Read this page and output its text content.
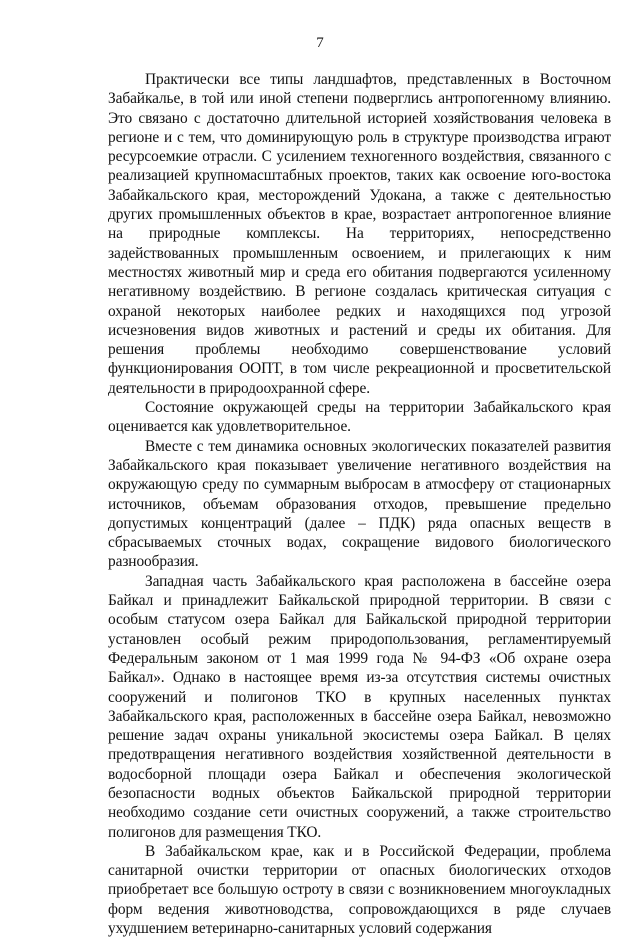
7

Практически все типы ландшафтов, представленных в Восточном Забайкалье, в той или иной степени подверглись антропогенному влиянию. Это связано с достаточно длительной историей хозяйствования человека в регионе и с тем, что доминирующую роль в структуре производства играют ресурсоемкие отрасли. С усилением техногенного воздействия, связанного с реализацией крупномасштабных проектов, таких как освоение юго-востока Забайкальского края, месторождений Удокана, а также с деятельностью других промышленных объектов в крае, возрастает антропогенное влияние на природные комплексы. На территориях, непосредственно задействованных промышленным освоением, и прилегающих к ним местностях животный мир и среда его обитания подвергаются усиленному негативному воздействию. В регионе создалась критическая ситуация с охраной некоторых наиболее редких и находящихся под угрозой исчезновения видов животных и растений и среды их обитания. Для решения проблемы необходимо совершенствование условий функционирования ООПТ, в том числе рекреационной и просветительской деятельности в природоохранной сфере.

Состояние окружающей среды на территории Забайкальского края оценивается как удовлетворительное.

Вместе с тем динамика основных экологических показателей развития Забайкальского края показывает увеличение негативного воздействия на окружающую среду по суммарным выбросам в атмосферу от стационарных источников, объемам образования отходов, превышение предельно допустимых концентраций (далее – ПДК) ряда опасных веществ в сбрасываемых сточных водах, сокращение видового биологического разнообразия.

Западная часть Забайкальского края расположена в бассейне озера Байкал и принадлежит Байкальской природной территории. В связи с особым статусом озера Байкал для Байкальской природной территории установлен особый режим природопользования, регламентируемый Федеральным законом от 1 мая 1999 года № 94-ФЗ «Об охране озера Байкал». Однако в настоящее время из-за отсутствия системы очистных сооружений и полигонов ТКО в крупных населенных пунктах Забайкальского края, расположенных в бассейне озера Байкал, невозможно решение задач охраны уникальной экосистемы озера Байкал. В целях предотвращения негативного воздействия хозяйственной деятельности в водосборной площади озера Байкал и обеспечения экологической безопасности водных объектов Байкальской природной территории необходимо создание сети очистных сооружений, а также строительство полигонов для размещения ТКО.

В Забайкальском крае, как и в Российской Федерации, проблема санитарной очистки территории от опасных биологических отходов приобретает все большую остроту в связи с возникновением многоукладных форм ведения животноводства, сопровождающихся в ряде случаев ухудшением ветеринарно-санитарных условий содержания
